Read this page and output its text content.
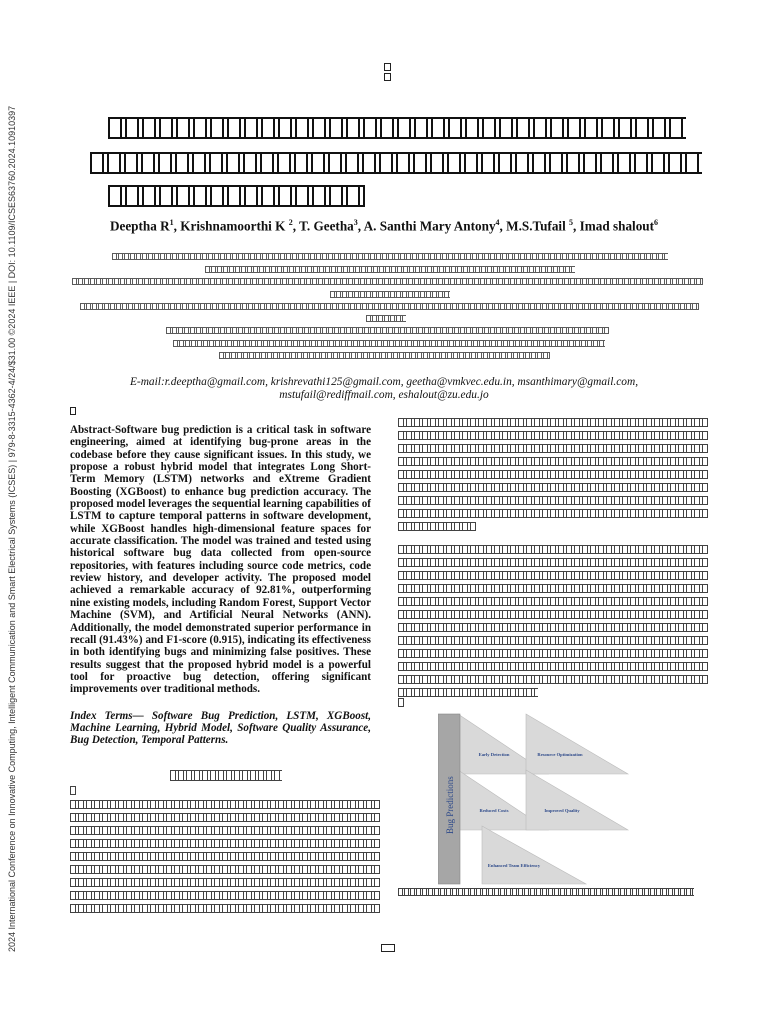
2024 International Conference on Innovative Computing, Intelligent Communication and Smart Electrical Systems (ICSES) | 979-8-3315-4362-4/24/$31.00 ©2024 IEEE | DOI: 10.1109/ICSES63760.2024.10910397	Deeptha $R^1$, Krishnamoorthi K $^2$, T. Geetha$^3$, A. Santhi Mary Antony$^4$, M.S.Tufail $^5$, Imad shalout$^6$
E-mail:r.deeptha@gmail.com, krishrevathi125@gmail.com, geetha@vmkvec.edu.in, msanthimary@gmail.com,
mstufail@rediffmail.com, eshalout@zu.edu.jo

Abstract-Software bug prediction is a critical task in software engineering, aimed at identifying bug-prone areas in the codebase before they cause significant issues. In this study, we propose a robust hybrid model that integrates Long Short-Term Memory (LSTM) networks and eXtreme Gradient Boosting (XGBoost) to enhance bug prediction accuracy. The proposed model leverages the sequential learning capabilities of LSTM to capture temporal patterns in software development, while XGBoost handles high-dimensional feature spaces for accurate classification. The model was trained and tested using historical software bug data collected from open-source repositories, with features including source code metrics, code review history, and developer activity. The proposed model achieved a remarkable accuracy of 92.81%, outperforming nine existing models, including Random Forest, Support Vector Machine (SVM), and Artificial Neural Networks (ANN). Additionally, the model demonstrated superior performance in recall (91.43%) and F1-score (0.915), indicating its effectiveness in both identifying bugs and minimizing false positives. These results suggest that the proposed hybrid model is a powerful tool for proactive bug detection, offering significant improvements over traditional methods.

Index Terms— Software Bug Prediction, LSTM, XGBoost, Machine Learning, Hybrid Model, Software Quality Assurance, Bug Detection, Temporal Patterns.
Bug Predictions
Early Detection	Resource Optimization
Reduced Costs	Improved Quality
Enhanced Team Efficiency
